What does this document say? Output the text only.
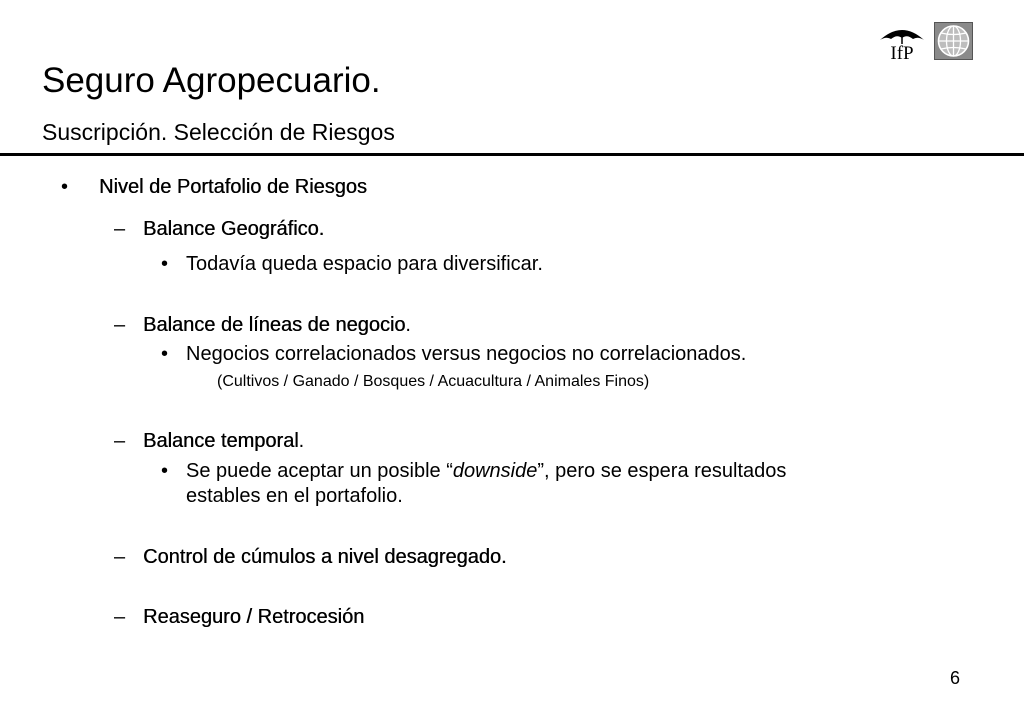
IfP
Seguro Agropecuario.
Suscripción. Selección de Riesgos
• Nivel de Portafolio de Riesgos
– Balance Geográfico.
• Todavía queda espacio para diversificar.
– Balance de líneas de negocio.
• Negocios correlacionados versus negocios no correlacionados.
(Cultivos / Ganado / Bosques / Acuacultura / Animales Finos)
– Balance temporal.
• Se puede aceptar un posible “downside”, pero se espera resultados
estables en el portafolio.
– Control de cúmulos a nivel desagregado.
– Reaseguro / Retrocesión
6
